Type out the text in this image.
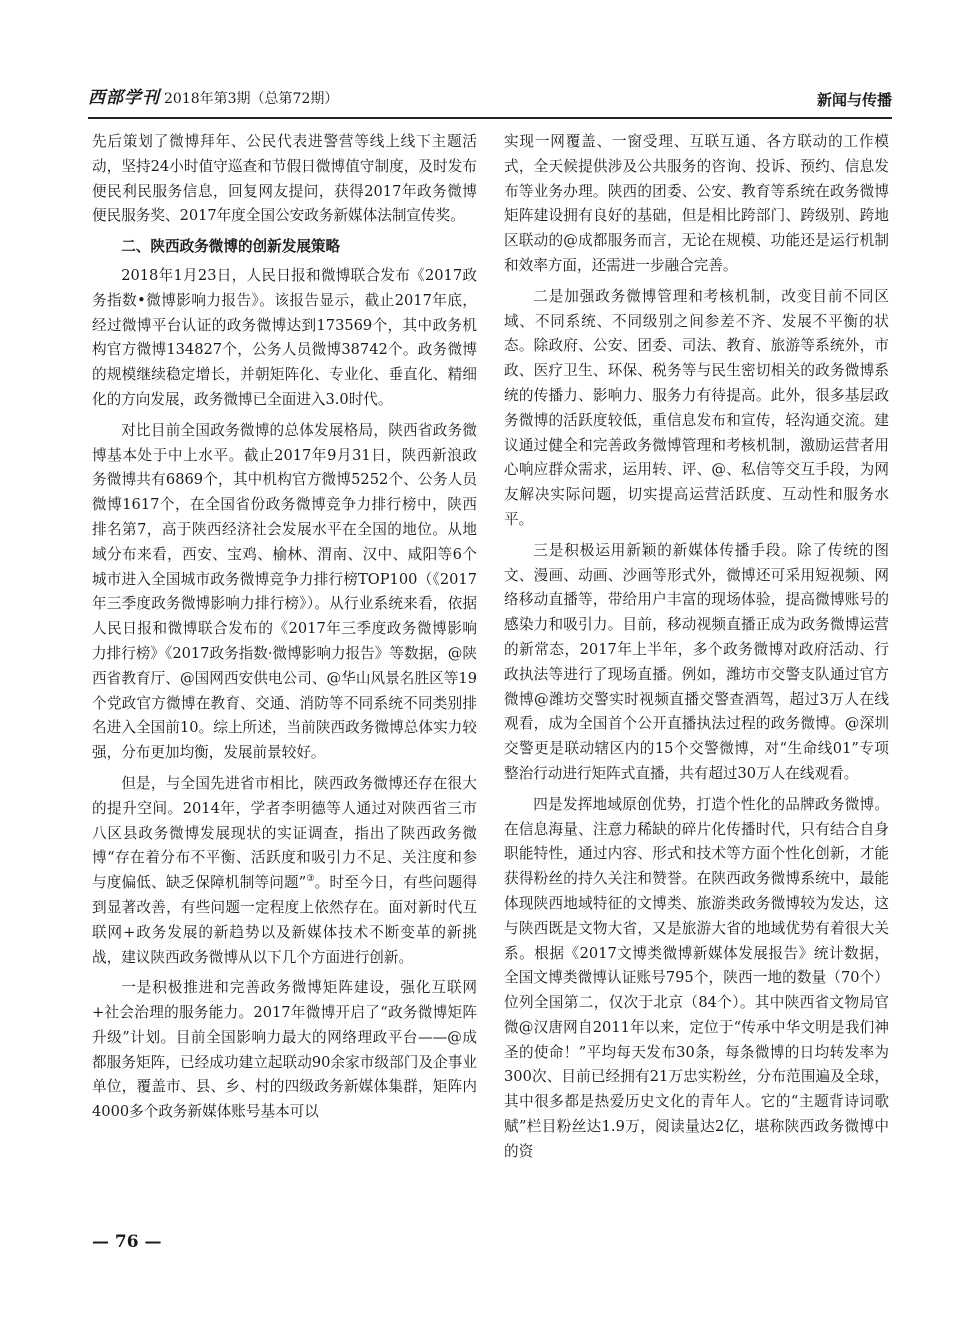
西部学刊 2018年第3期（总第72期）	新闻与传播

先后策划了微博拜年、公民代表进警营等线上线下主题活动，坚持24小时值守巡查和节假日微博值守制度，及时发布便民利民服务信息，回复网友提问，获得2017年政务微博便民服务奖、2017年度全国公安政务新媒体法制宣传奖。

二、陕西政务微博的创新发展策略

2018年1月23日，人民日报和微博联合发布《2017政务指数•微博影响力报告》。该报告显示，截止2017年底，经过微博平台认证的政务微博达到173569个，其中政务机构官方微博134827个，公务人员微博38742个。政务微博的规模继续稳定增长，并朝矩阵化、专业化、垂直化、精细化的方向发展，政务微博已全面进入3.0时代。

对比目前全国政务微博的总体发展格局，陕西省政务微博基本处于中上水平。截止2017年9月31日，陕西新浪政务微博共有6869个，其中机构官方微博5252个、公务人员微博1617个，在全国省份政务微博竞争力排行榜中，陕西排名第7，高于陕西经济社会发展水平在全国的地位。从地域分布来看，西安、宝鸡、榆林、渭南、汉中、咸阳等6个城市进入全国城市政务微博竞争力排行榜TOP100（《2017年三季度政务微博影响力排行榜》）。从行业系统来看，依据人民日报和微博联合发布的《2017年三季度政务微博影响力排行榜》《2017政务指数·微博影响力报告》等数据，@陕西省教育厅、@国网西安供电公司、@华山风景名胜区等19个党政官方微博在教育、交通、消防等不同系统不同类别排名进入全国前10。综上所述，当前陕西政务微博总体实力较强，分布更加均衡，发展前景较好。

但是，与全国先进省市相比，陕西政务微博还存在很大的提升空间。2014年，学者李明德等人通过对陕西省三市八区县政务微博发展现状的实证调查，指出了陕西政务微博“存在着分布不平衡、活跃度和吸引力不足、关注度和参与度偏低、缺乏保障机制等问题”③。时至今日，有些问题得到显著改善，有些问题一定程度上依然存在。面对新时代互联网+政务发展的新趋势以及新媒体技术不断变革的新挑战，建议陕西政务微博从以下几个方面进行创新。

一是积极推进和完善政务微博矩阵建设，强化互联网+社会治理的服务能力。2017年微博开启了“政务微博矩阵升级”计划。目前全国影响力最大的网络理政平台——@成都服务矩阵，已经成功建立起联动90余家市级部门及企事业单位，覆盖市、县、乡、村的四级政务新媒体集群，矩阵内4000多个政务新媒体账号基本可以

实现一网覆盖、一窗受理、互联互通、各方联动的工作模式，全天候提供涉及公共服务的咨询、投诉、预约、信息发布等业务办理。陕西的团委、公安、教育等系统在政务微博矩阵建设拥有良好的基础，但是相比跨部门、跨级别、跨地区联动的@成都服务而言，无论在规模、功能还是运行机制和效率方面，还需进一步融合完善。

二是加强政务微博管理和考核机制，改变目前不同区域、不同系统、不同级别之间参差不齐、发展不平衡的状态。除政府、公安、团委、司法、教育、旅游等系统外，市政、医疗卫生、环保、税务等与民生密切相关的政务微博系统的传播力、影响力、服务力有待提高。此外，很多基层政务微博的活跃度较低，重信息发布和宣传，轻沟通交流。建议通过健全和完善政务微博管理和考核机制，激励运营者用心响应群众需求，运用转、评、@、私信等交互手段，为网友解决实际问题，切实提高运营活跃度、互动性和服务水平。

三是积极运用新颖的新媒体传播手段。除了传统的图文、漫画、动画、沙画等形式外，微博还可采用短视频、网络移动直播等，带给用户丰富的现场体验，提高微博账号的感染力和吸引力。目前，移动视频直播正成为政务微博运营的新常态，2017年上半年，多个政务微博对政府活动、行政执法等进行了现场直播。例如，潍坊市交警支队通过官方微博@潍坊交警实时视频直播交警查酒驾，超过3万人在线观看，成为全国首个公开直播执法过程的政务微博。@深圳交警更是联动辖区内的15个交警微博，对“生命线01”专项整治行动进行矩阵式直播，共有超过30万人在线观看。

四是发挥地域原创优势，打造个性化的品牌政务微博。在信息海量、注意力稀缺的碎片化传播时代，只有结合自身职能特性，通过内容、形式和技术等方面个性化创新，才能获得粉丝的持久关注和赞誉。在陕西政务微博系统中，最能体现陕西地域特征的文博类、旅游类政务微博较为发达，这与陕西既是文物大省，又是旅游大省的地域优势有着很大关系。根据《2017文博类微博新媒体发展报告》统计数据，全国文博类微博认证账号795个，陕西一地的数量（70个）位列全国第二，仅次于北京（84个）。其中陕西省文物局官微@汉唐网自2011年以来，定位于“传承中华文明是我们神圣的使命！”平均每天发布30条，每条微博的日均转发率为300次、目前已经拥有21万忠实粉丝，分布范围遍及全球，其中很多都是热爱历史文化的青年人。它的“主题背诗词歌赋”栏目粉丝达1.9万，阅读量达2亿，堪称陕西政务微博中的资

— 76 —
